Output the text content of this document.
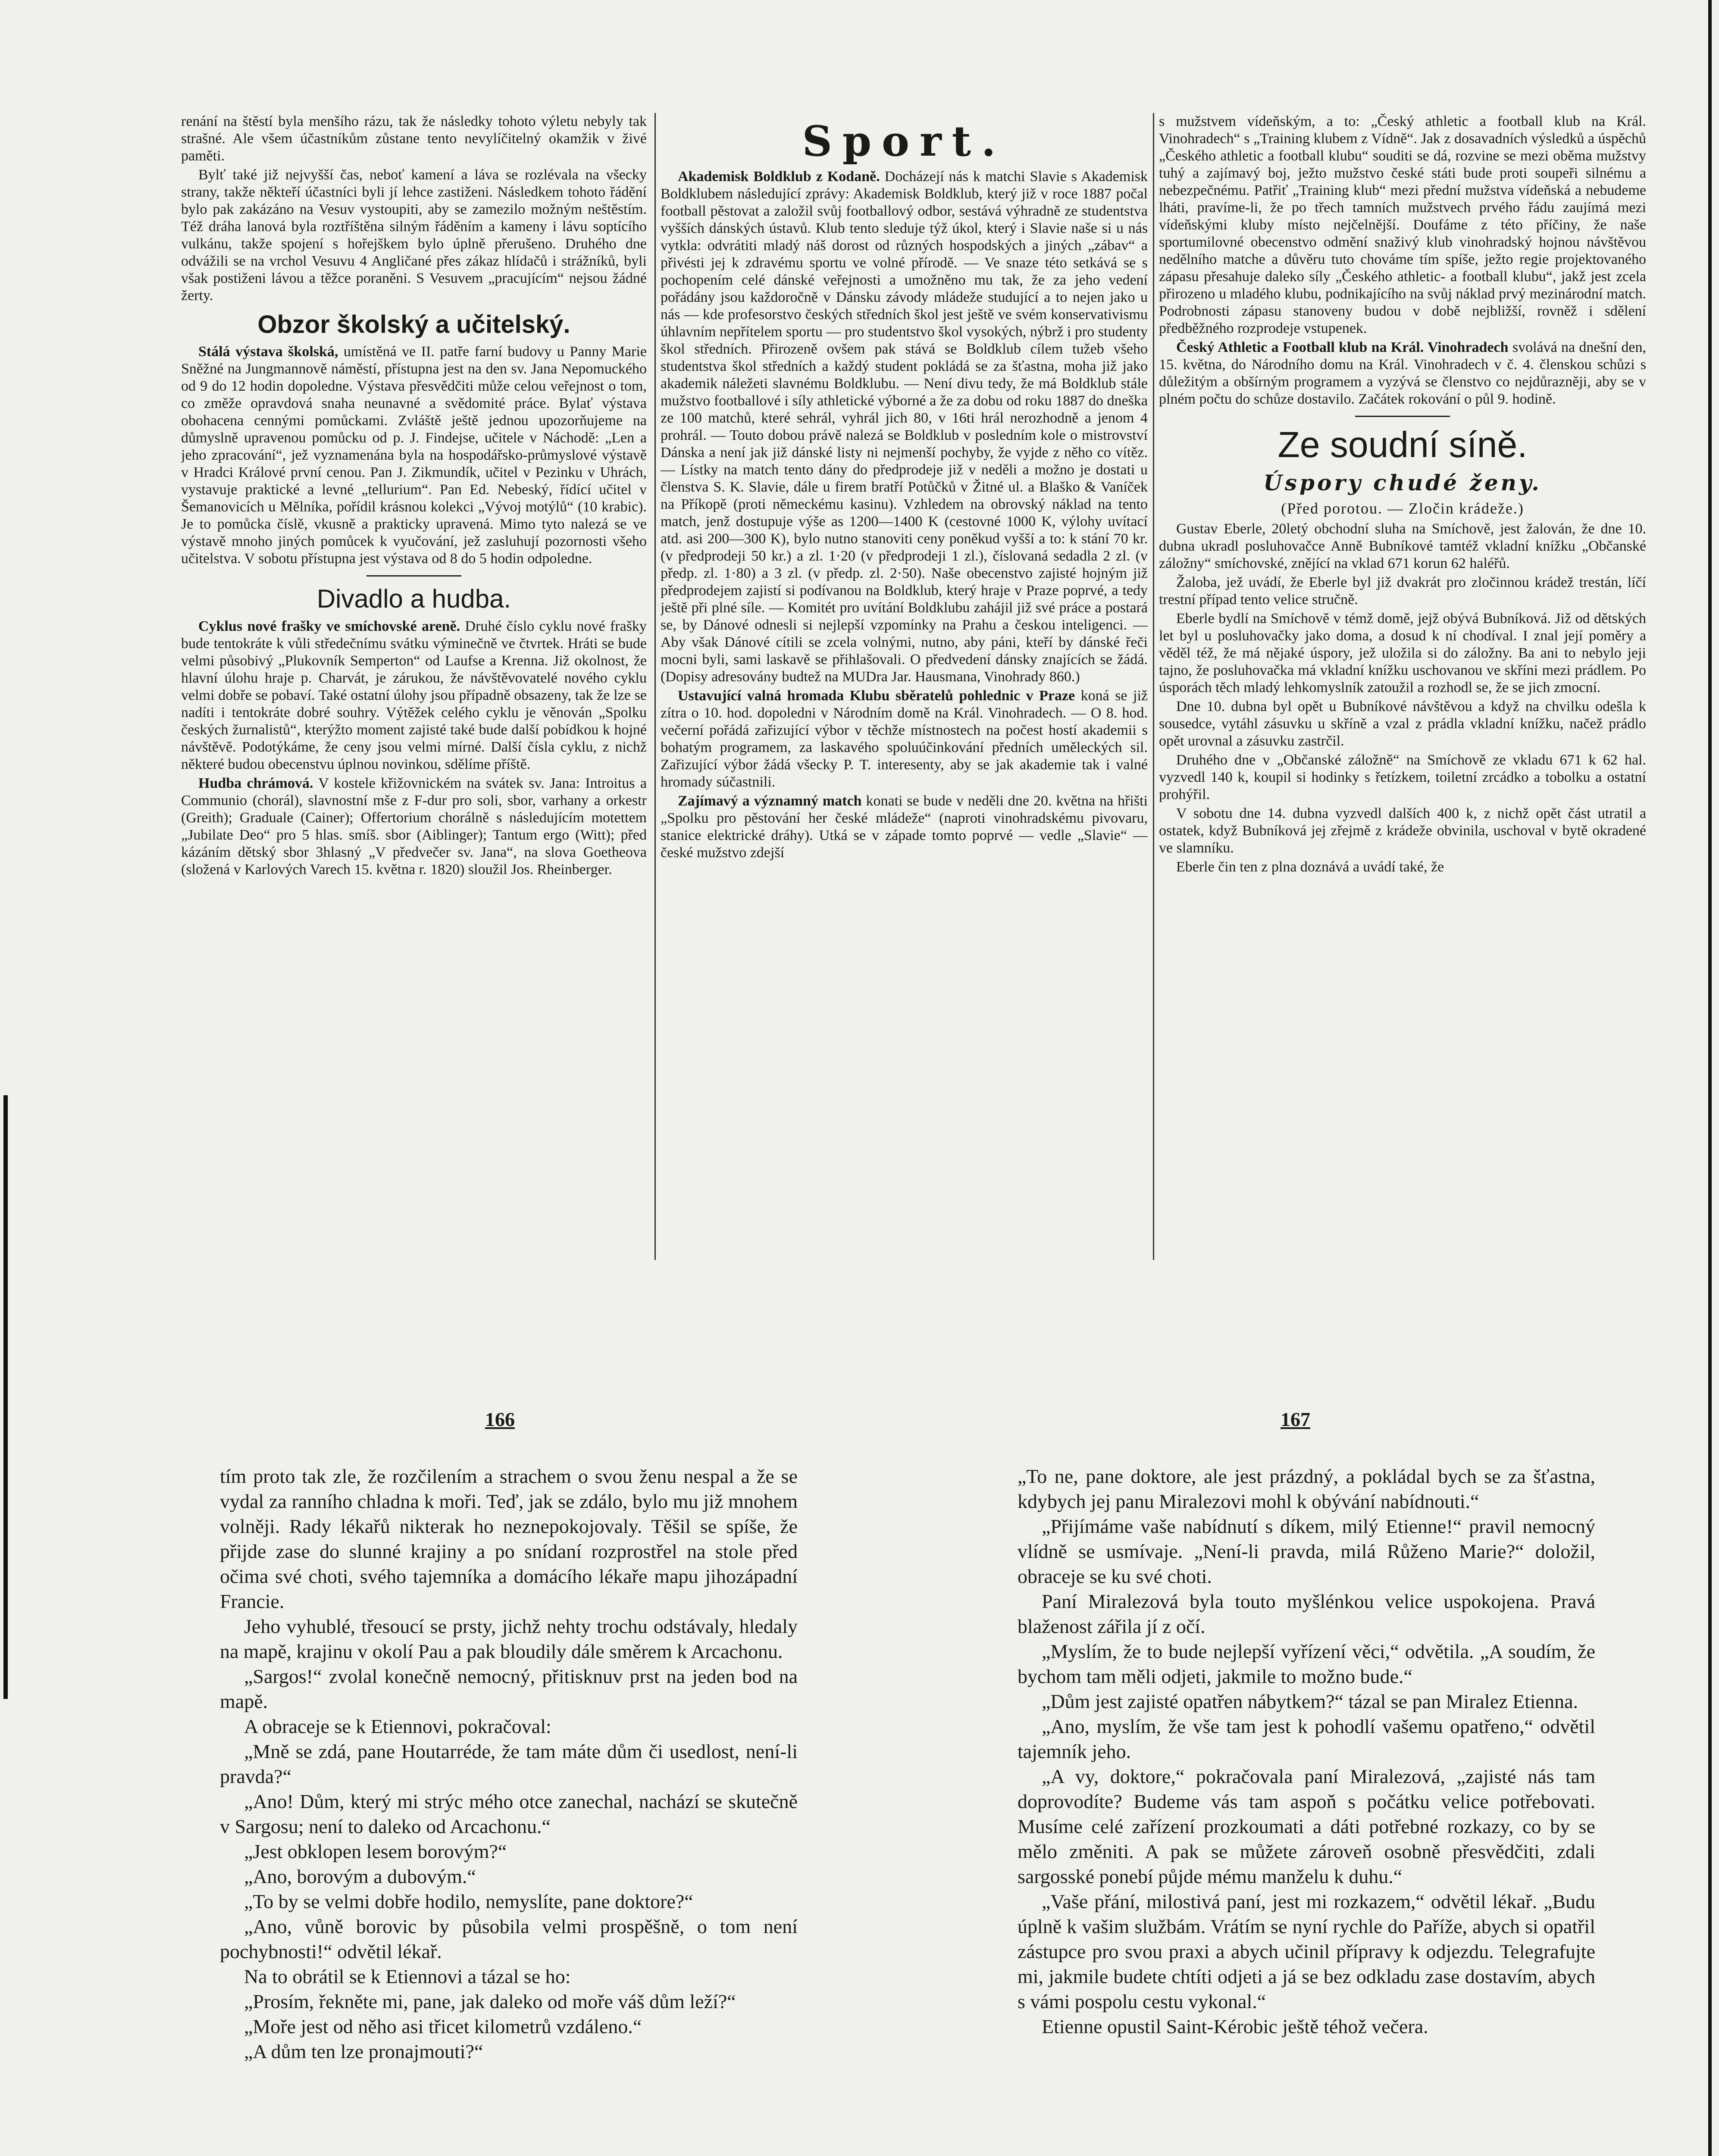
renání na štěstí byla menšího rázu, tak že následky tohoto výletu nebyly tak strašné. Ale všem účastníkům zůstane tento nevylíčitelný okamžik v živé paměti.

Bylť také již nejvyšší čas, neboť kamení a láva se rozlévala na všecky strany, takže někteří účastníci byli jí lehce zastiženi. Následkem tohoto řádění bylo pak zakázáno na Vesuv vystoupiti, aby se zamezilo možným neštěstím. Též dráha lanová byla roztříštěna silným řáděním a kameny i lávu soptícího vulkánu, takže spojení s hořejškem bylo úplně přerušeno. Druhého dne odvážili se na vrchol Vesuvu 4 Angličané přes zákaz hlídačů i strážníků, byli však postiženi lávou a těžce poraněni. S Vesuvem „pracujícím“ nejsou žádné žerty.

Obzor školský a učitelský.

Stálá výstava školská, umístěná ve II. patře farní budovy u Panny Marie Sněžné na Jungmannově náměstí, přístupna jest na den sv. Jana Nepomuckého od 9 do 12 hodin dopoledne. Výstava přesvědčiti může celou veřejnost o tom, co změže opravdová snaha neunavné a svědomité práce. Bylať výstava obohacena cennými pomůckami. Zvláště ještě jednou upozorňujeme na důmyslně upravenou pomůcku od p. J. Findejse, učitele v Náchodě: „Len a jeho zpracování“, jež vyznamenána byla na hospodářsko-průmyslové výstavě v Hradci Králové první cenou. Pan J. Zikmundík, učitel v Pezinku v Uhrách, vystavuje praktické a levné „tellurium“. Pan Ed. Nebeský, řídící učitel v Šemanovicích u Mělníka, pořídil krásnou kolekci „Vývoj motýlů“ (10 krabic). Je to pomůcka číslě, vkusně a prakticky upravená. Mimo tyto nalezá se ve výstavě mnoho jiných pomůcek k vyučování, jež zasluhují pozornosti všeho učitelstva. V sobotu přístupna jest výstava od 8 do 5 hodin odpoledne.

Divadlo a hudba.

Cyklus nové frašky ve smíchovské areně. Druhé číslo cyklu nové frašky bude tentokráte k vůli středečnímu svátku výminečně ve čtvrtek. Hráti se bude velmi působivý „Plukovník Semperton“ od Laufse a Krenna. Již okolnost, že hlavní úlohu hraje p. Charvát, je zárukou, že návštěvovatelé nového cyklu velmi dobře se pobaví. Také ostatní úlohy jsou případně obsazeny, tak že lze se nadíti i tentokráte dobré souhry. Výtěžek celého cyklu je věnován „Spolku českých žurnalistů“, kterýžto moment zajisté také bude další pobídkou k hojné návštěvě. Podotýkáme, že ceny jsou velmi mírné. Další čísla cyklu, z nichž některé budou obecenstvu úplnou novinkou, sdělíme příště.

Hudba chrámová. V kostele křižovnickém na svátek sv. Jana: Introitus a Communio (chorál), slavnostní mše z F-dur pro soli, sbor, varhany a orkestr (Greith); Graduale (Cainer); Offertorium chorálně s následujícím motettem „Jubilate Deo“ pro 5 hlas. smíš. sbor (Aiblinger); Tantum ergo (Witt); před kázáním dětský sbor 3hlasný „V předvečer sv. Jana“, na slova Goetheova (složená v Karlových Varech 15. května r. 1820) sloužil Jos. Rheinberger.

Sport.

Akademisk Boldklub z Kodaně. Docházejí nás k matchi Slavie s Akademisk Boldklubem následující zprávy: Akademisk Boldklub, který již v roce 1887 počal football pěstovat a založil svůj footballový odbor, sestává výhradně ze studentstva vyšších dánských ústavů. Klub tento sleduje týž úkol, který i Slavie naše si u nás vytkla: odvrátiti mladý náš dorost od různých hospodských a jiných „zábav“ a přivésti jej k zdravému sportu ve volné přírodě. — Ve snaze této setkává se s pochopením celé dánské veřejnosti a umožněno mu tak, že za jeho vedení pořádány jsou každoročně v Dánsku závody mládeže studující a to nejen jako u nás — kde profesorstvo českých středních škol jest ještě ve svém konservativismu úhlavním nepřítelem sportu — pro studentstvo škol vysokých, nýbrž i pro studenty škol středních. Přirozeně ovšem pak stává se Boldklub cílem tužeb všeho studentstva škol středních a každý student pokládá se za šťastna, moha již jako akademik náležeti slavnému Boldklubu. — Není divu tedy, že má Boldklub stále mužstvo footballové i síly athletické výborné a že za dobu od roku 1887 do dneška ze 100 matchů, které sehrál, vyhrál jich 80, v 16ti hrál nerozhodně a jenom 4 prohrál. — Touto dobou právě nalezá se Boldklub v posledním kole o mistrovství Dánska a není jak již dánské listy ni nejmenší pochyby, že vyjde z něho co vítěz. — Lístky na match tento dány do předprodeje již v neděli a možno je dostati u členstva S. K. Slavie, dále u firem bratří Potůčků v Žitné ul. a Blaško & Vaníček na Příkopě (proti německému kasinu). Vzhledem na obrovský náklad na tento match, jenž dostupuje výše as 1200—1400 K (cestovné 1000 K, výlohy uvítací atd. asi 200—300 K), bylo nutno stanoviti ceny poněkud vyšší a to: k stání 70 kr. (v předprodeji 50 kr.) a zl. 1·20 (v předprodeji 1 zl.), číslovaná sedadla 2 zl. (v předp. zl. 1·80) a 3 zl. (v předp. zl. 2·50). Naše obecenstvo zajisté hojným již předprodejem zajistí si podívanou na Boldklub, který hraje v Praze poprvé, a tedy ještě při plné síle. — Komitét pro uvítání Boldklubu zahájil již své práce a postará se, by Dánové odnesli si nejlepší vzpomínky na Prahu a českou inteligenci. — Aby však Dánové cítili se zcela volnými, nutno, aby páni, kteří by dánské řeči mocni byli, sami laskavě se přihlašovali. O předvedení dánsky znajících se žádá. (Dopisy adresovány budtež na MUDra Jar. Hausmana, Vinohrady 860.)

Ustavující valná hromada Klubu sběratelů pohlednic v Praze koná se již zítra o 10. hod. dopoledni v Národním domě na Král. Vinohradech. — O 8. hod. večerní pořádá zařizující výbor v těchže místnostech na počest hostí akademii s bohatým programem, za laskavého spoluúčinkování předních uměleckých sil. Zařizující výbor žádá všecky P. T. interesenty, aby se jak akademie tak i valné hromady súčastnili.

Zajímavý a významný match konati se bude v neděli dne 20. května na hřišti „Spolku pro pěstování her české mládeže“ (naproti vinohradskému pivovaru, stanice elektrické dráhy). Utká se v západe tomto poprvé — vedle „Slavie“ — české mužstvo zdejší

s mužstvem vídeňským, a to: „Český athletic a football klub na Král. Vinohradech“ s „Training klubem z Vídně“. Jak z dosavadních výsledků a úspěchů „Českého athletic a football klubu“ souditi se dá, rozvine se mezi oběma mužstvy tuhý a zajímavý boj, ježto mužstvo české státi bude proti soupeři silnému a nebezpečnému. Patřiť „Training klub“ mezi přední mužstva vídeňská a nebudeme lháti, pravíme-li, že po třech tamních mužstvech prvého řádu zaujímá mezi vídeňskými kluby místo nejčelnější. Doufáme z této příčiny, že naše sportumilovné obecenstvo odmění snaživý klub vinohradský hojnou návštěvou nedělního matche a důvěru tuto chováme tím spíše, ježto regie projektovaného zápasu přesahuje daleko síly „Českého athletic- a football klubu“, jakž jest zcela přirozeno u mladého klubu, podnikajícího na svůj náklad prvý mezinárodní match. Podrobnosti zápasu stanoveny budou v době nejbližší, rovněž i sdělení předběžného rozprodeje vstupenek.

Český Athletic a Football klub na Král. Vinohradech svolává na dnešní den, 15. května, do Národního domu na Král. Vinohradech v č. 4. členskou schůzi s důležitým a obšírným programem a vyzývá se členstvo co nejdůrazněji, aby se v plném počtu do schůze dostavilo. Začátek rokování o půl 9. hodině.

Ze soudní síně.
Úspory chudé ženy.
(Před porotou. — Zločin krádeže.)

Gustav Eberle, 20letý obchodní sluha na Smíchově, jest žalován, že dne 10. dubna ukradl posluhovačce Anně Bubníkové tamtéž vkladní knížku „Občanské záložny“ smíchovské, znějící na vklad 671 korun 62 haléřů.

Žaloba, jež uvádí, že Eberle byl již dvakrát pro zločinnou krádež trestán, líčí trestní případ tento velice stručně.

Eberle bydlí na Smíchově v témž domě, jejž obývá Bubníková. Již od dětských let byl u posluhovačky jako doma, a dosud k ní chodíval. I znal její poměry a věděl též, že má nějaké úspory, jež uložila si do záložny. Ba ani to nebylo jeji tajno, že posluhovačka má vkladní knížku uschovanou ve skříni mezi prádlem. Po úsporách těch mladý lehkomyslník zatoužil a rozhodl se, že se jich zmocní.

Dne 10. dubna byl opět u Bubníkové návštěvou a když na chvilku odešla k sousedce, vytáhl zásuvku u skříně a vzal z prádla vkladní knížku, načež prádlo opět urovnal a zásuvku zastrčil.

Druhého dne v „Občanské záložně“ na Smíchově ze vkladu 671 k 62 hal. vyzvedl 140 k, koupil si hodinky s řetízkem, toiletní zrcádko a tobolku a ostatní prohýřil.

V sobotu dne 14. dubna vyzvedl dalších 400 k, z nichž opět část utratil a ostatek, když Bubníková jej zřejmě z krádeže obvinila, uschoval v bytě okradené ve slamníku.

Eberle čin ten z plna doznává a uvádí také, že

166	167

tím proto tak zle, že rozčilením a strachem o svou ženu nespal a že se vydal za ranního chladna k moři. Teď, jak se zdálo, bylo mu již mnohem volněji. Rady lékařů nikterak ho neznepokojovaly. Těšil se spíše, že přijde zase do slunné krajiny a po snídaní rozprostřel na stole před očima své choti, svého tajemníka a domácího lékaře mapu jihozápadní Francie.

Jeho vyhublé, třesoucí se prsty, jichž nehty trochu odstávaly, hledaly na mapě, krajinu v okolí Pau a pak bloudily dále směrem k Arcachonu.

„Sargos!“ zvolal konečně nemocný, přitisknuv prst na jeden bod na mapě.

A obraceje se k Etiennovi, pokračoval:

„Mně se zdá, pane Houtarréde, že tam máte dům či usedlost, není-li pravda?“

„Ano! Dům, který mi strýc mého otce zanechal, nachází se skutečně v Sargosu; není to daleko od Arcachonu.“

„Jest obklopen lesem borovým?“

„Ano, borovým a dubovým.“

„To by se velmi dobře hodilo, nemyslíte, pane doktore?“

„Ano, vůně borovic by působila velmi prospěšně, o tom není pochybnosti!“ odvětil lékař.

Na to obrátil se k Etiennovi a tázal se ho:

„Prosím, řekněte mi, pane, jak daleko od moře váš dům leží?“

„Moře jest od něho asi třicet kilometrů vzdáleno.“

„A dům ten lze pronajmouti?“

„To ne, pane doktore, ale jest prázdný, a pokládal bych se za šťastna, kdybych jej panu Miralezovi mohl k obývání nabídnouti.“

„Přijímáme vaše nabídnutí s díkem, milý Etienne!“ pravil nemocný vlídně se usmívaje. „Není-li pravda, milá Růženo Marie?“ doložil, obraceje se ku své choti.

Paní Miralezová byla touto myšlénkou velice uspokojena. Pravá blaženost zářila jí z očí.

„Myslím, že to bude nejlepší vyřízení věci,“ odvětila. „A soudím, že bychom tam měli odjeti, jakmile to možno bude.“

„Dům jest zajisté opatřen nábytkem?“ tázal se pan Miralez Etienna.

„Ano, myslím, že vše tam jest k pohodlí vašemu opatřeno,“ odvětil tajemník jeho.

„A vy, doktore,“ pokračovala paní Miralezová, „zajisté nás tam doprovodíte? Budeme vás tam aspoň s počátku velice potřebovati. Musíme celé zařízení prozkoumati a dáti potřebné rozkazy, co by se mělo změniti. A pak se můžete zároveň osobně přesvědčiti, zdali sargosské ponebí půjde mému manželu k duhu.“

„Vaše přání, milostivá paní, jest mi rozkazem,“ odvětil lékař. „Budu úplně k vašim službám. Vrátím se nyní rychle do Paříže, abych si opatřil zástupce pro svou praxi a abych učinil přípravy k odjezdu. Telegrafujte mi, jakmile budete chtíti odjeti a já se bez odkladu zase dostavím, abych s vámi pospolu cestu vykonal.“

Etienne opustil Saint-Kérobic ještě téhož večera.
